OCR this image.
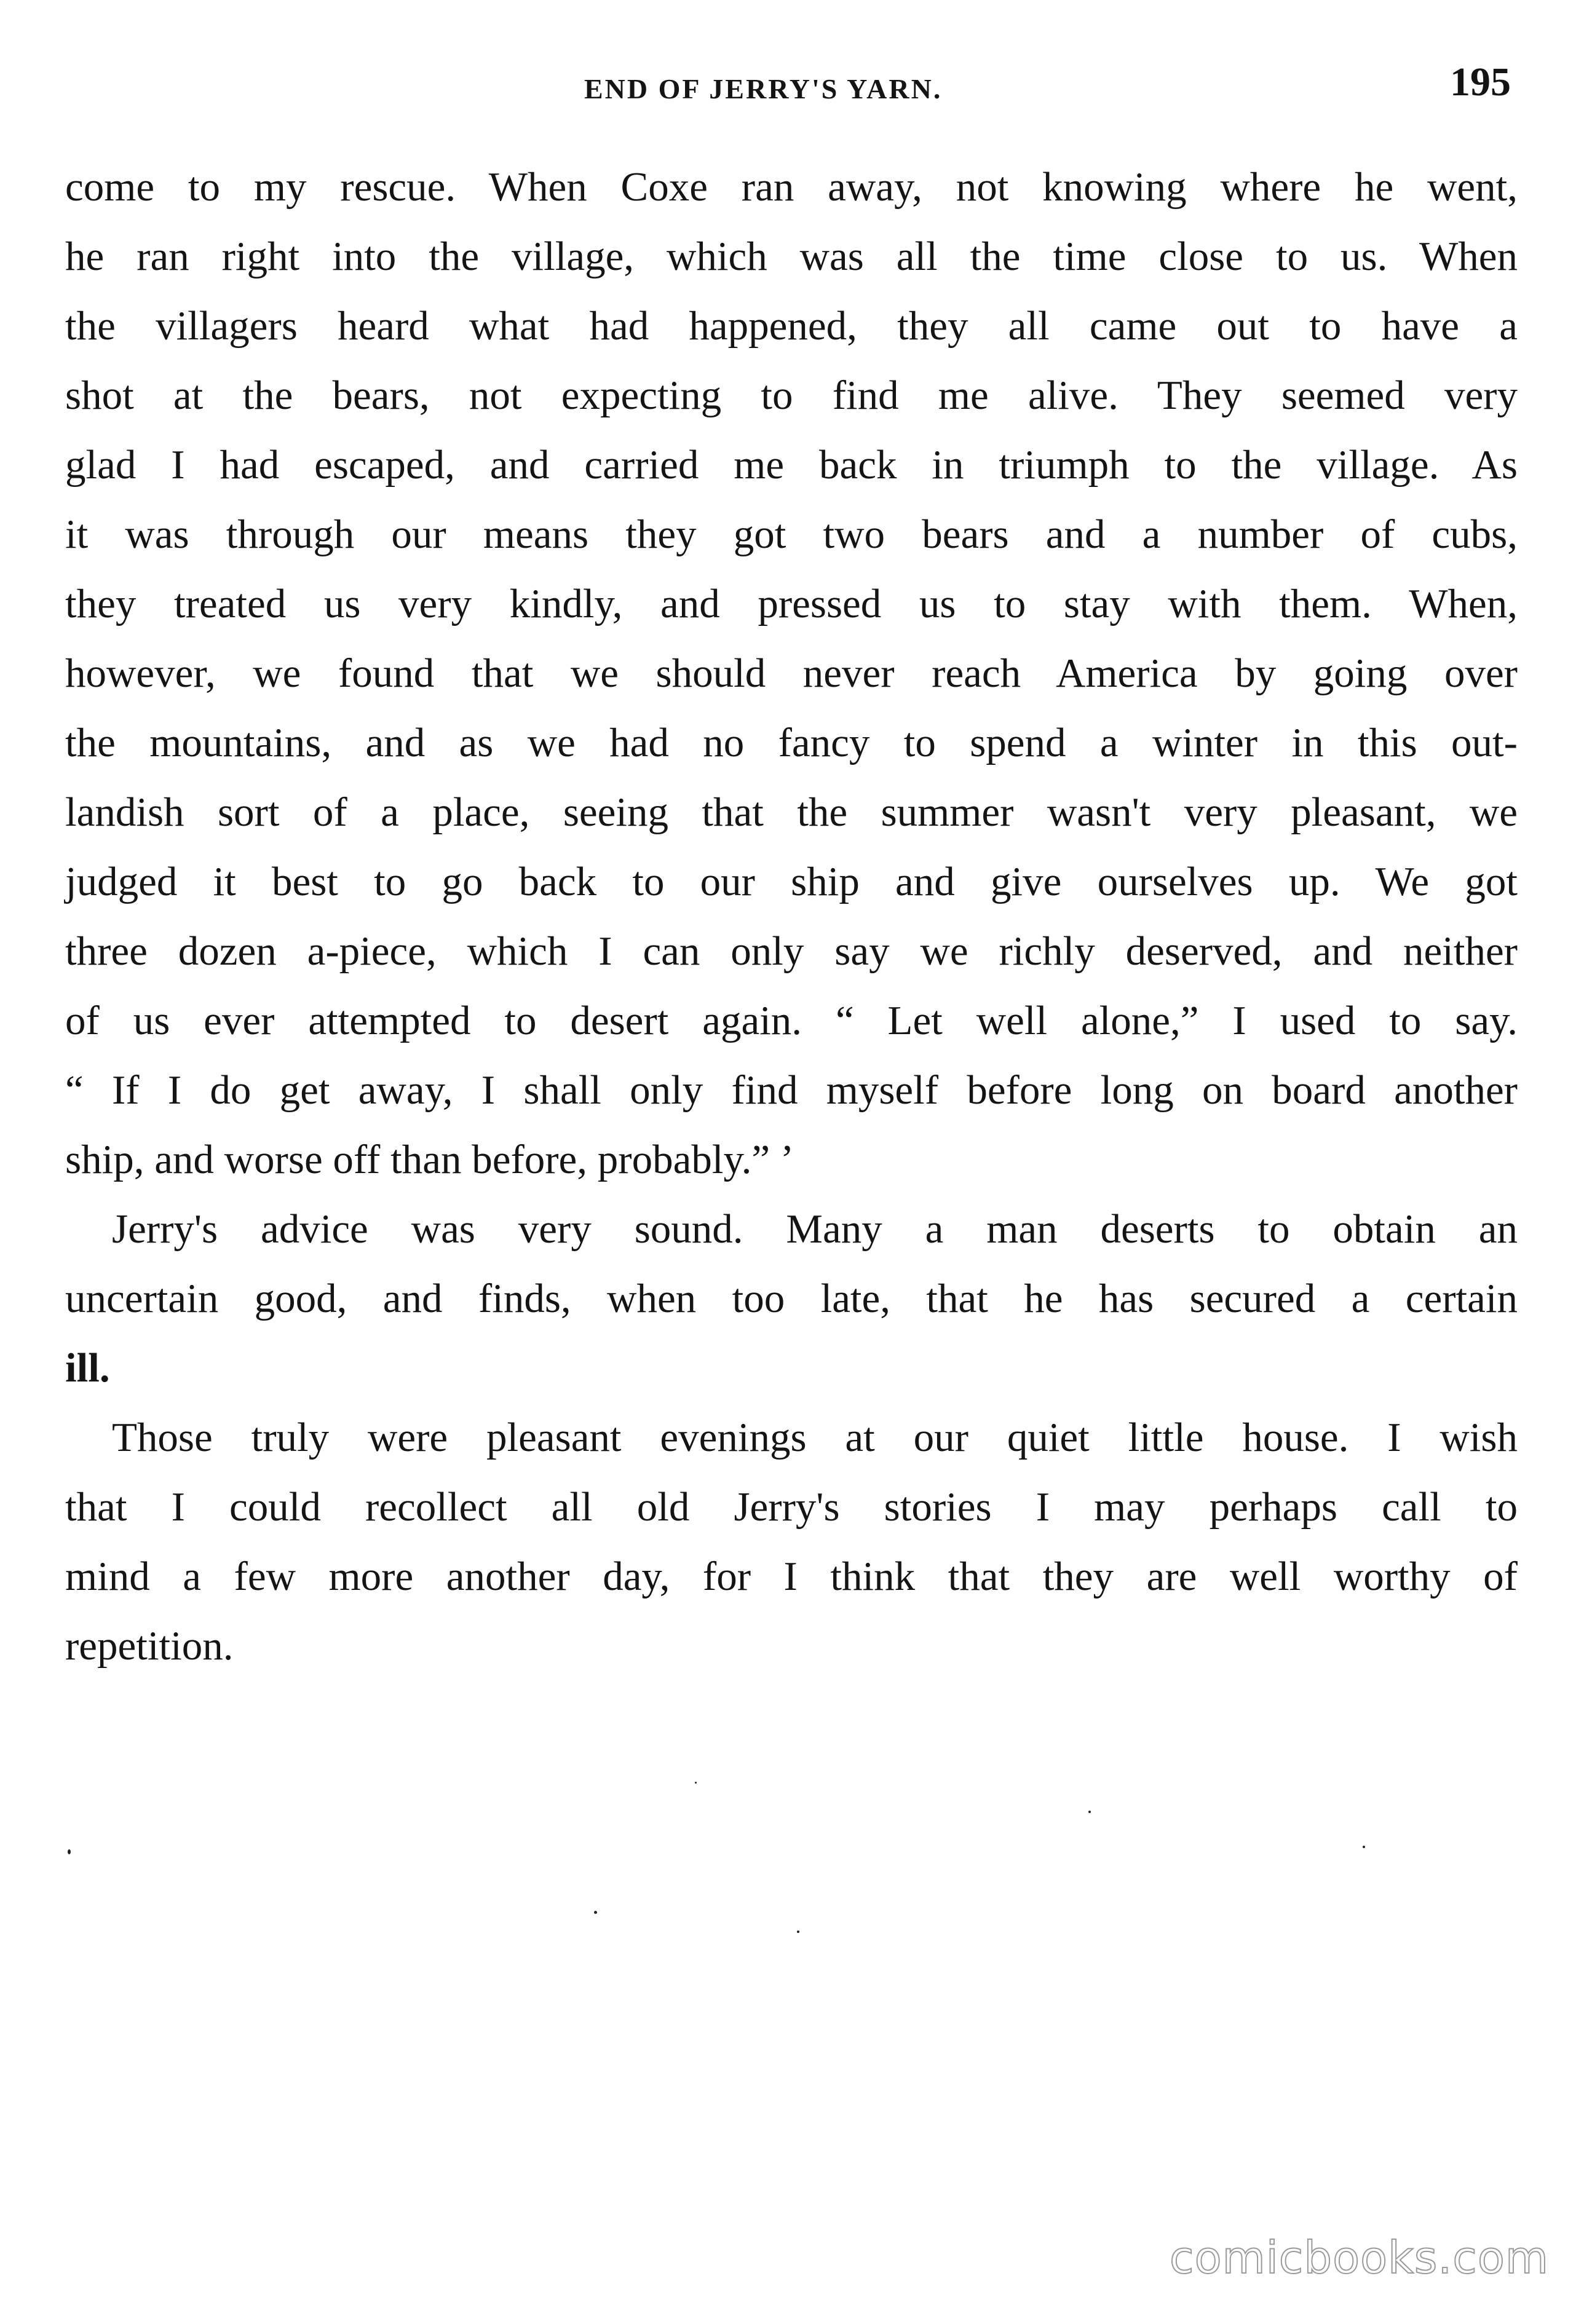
END OF JERRY'S YARN.	195
come to my rescue. When Coxe ran away, not knowing where he went,
he ran right into the village, which was all the time close to us. When
the villagers heard what had happened, they all came out to have a
shot at the bears, not expecting to find me alive. They seemed very
glad I had escaped, and carried me back in triumph to the village. As
it was through our means they got two bears and a number of cubs,
they treated us very kindly, and pressed us to stay with them. When,
however, we found that we should never reach America by going over
the mountains, and as we had no fancy to spend a winter in this out-
landish sort of a place, seeing that the summer wasn't very pleasant, we
judged it best to go back to our ship and give ourselves up. We got
three dozen a-piece, which I can only say we richly deserved, and neither
of us ever attempted to desert again. “ Let well alone,” I used to say.
“ If I do get away, I shall only find myself before long on board another
ship, and worse off than before, probably.” ’
Jerry's advice was very sound. Many a man deserts to obtain an
uncertain good, and finds, when too late, that he has secured a certain
ill.
Those truly were pleasant evenings at our quiet little house. I wish
that I could recollect all old Jerry's stories I may perhaps call to
mind a few more another day, for I think that they are well worthy of
repetition.
comicbooks.com
